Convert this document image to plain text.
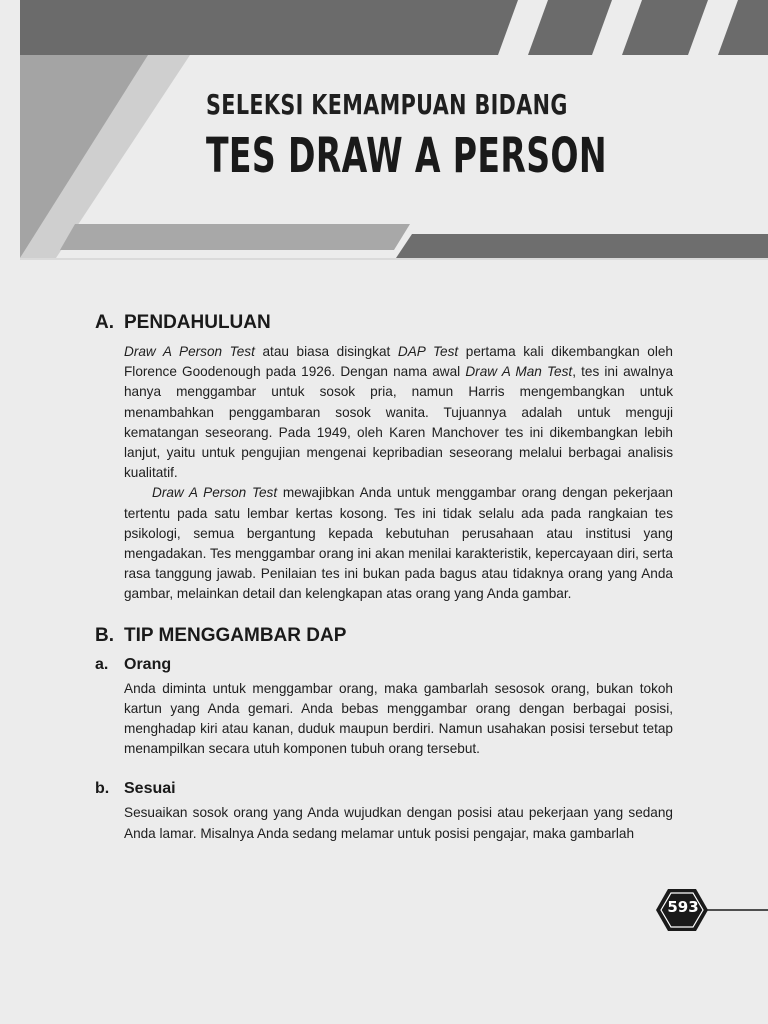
SELEKSI KEMAMPUAN BIDANG
TES DRAW A PERSON
A. PENDAHULUAN

Draw A Person Test atau biasa disingkat DAP Test pertama kali dikembangkan oleh Florence Goodenough pada 1926. Dengan nama awal Draw A Man Test, tes ini awalnya hanya menggambar untuk sosok pria, namun Harris mengembangkan untuk menambahkan penggambaran sosok wanita. Tujuannya adalah untuk menguji kematangan seseorang. Pada 1949, oleh Karen Manchover tes ini dikembangkan lebih lanjut, yaitu untuk pengujian mengenai kepribadian seseorang melalui berbagai analisis kualitatif.

Draw A Person Test mewajibkan Anda untuk menggambar orang dengan pekerjaan tertentu pada satu lembar kertas kosong. Tes ini tidak selalu ada pada rangkaian tes psikologi, semua bergantung kepada kebutuhan perusahaan atau institusi yang mengadakan. Tes menggambar orang ini akan menilai karakteristik, kepercayaan diri, serta rasa tanggung jawab. Penilaian tes ini bukan pada bagus atau tidaknya orang yang Anda gambar, melainkan detail dan kelengkapan atas orang yang Anda gambar.

B. TIP MENGGAMBAR DAP
a. Orang

Anda diminta untuk menggambar orang, maka gambarlah sesosok orang, bukan tokoh kartun yang Anda gemari. Anda bebas menggambar orang dengan berbagai posisi, menghadap kiri atau kanan, duduk maupun berdiri. Namun usahakan posisi tersebut tetap menampilkan secara utuh komponen tubuh orang tersebut.

b. Sesuai

Sesuaikan sosok orang yang Anda wujudkan dengan posisi atau pekerjaan yang sedang Anda lamar. Misalnya Anda sedang melamar untuk posisi pengajar, maka gambarlah

593
